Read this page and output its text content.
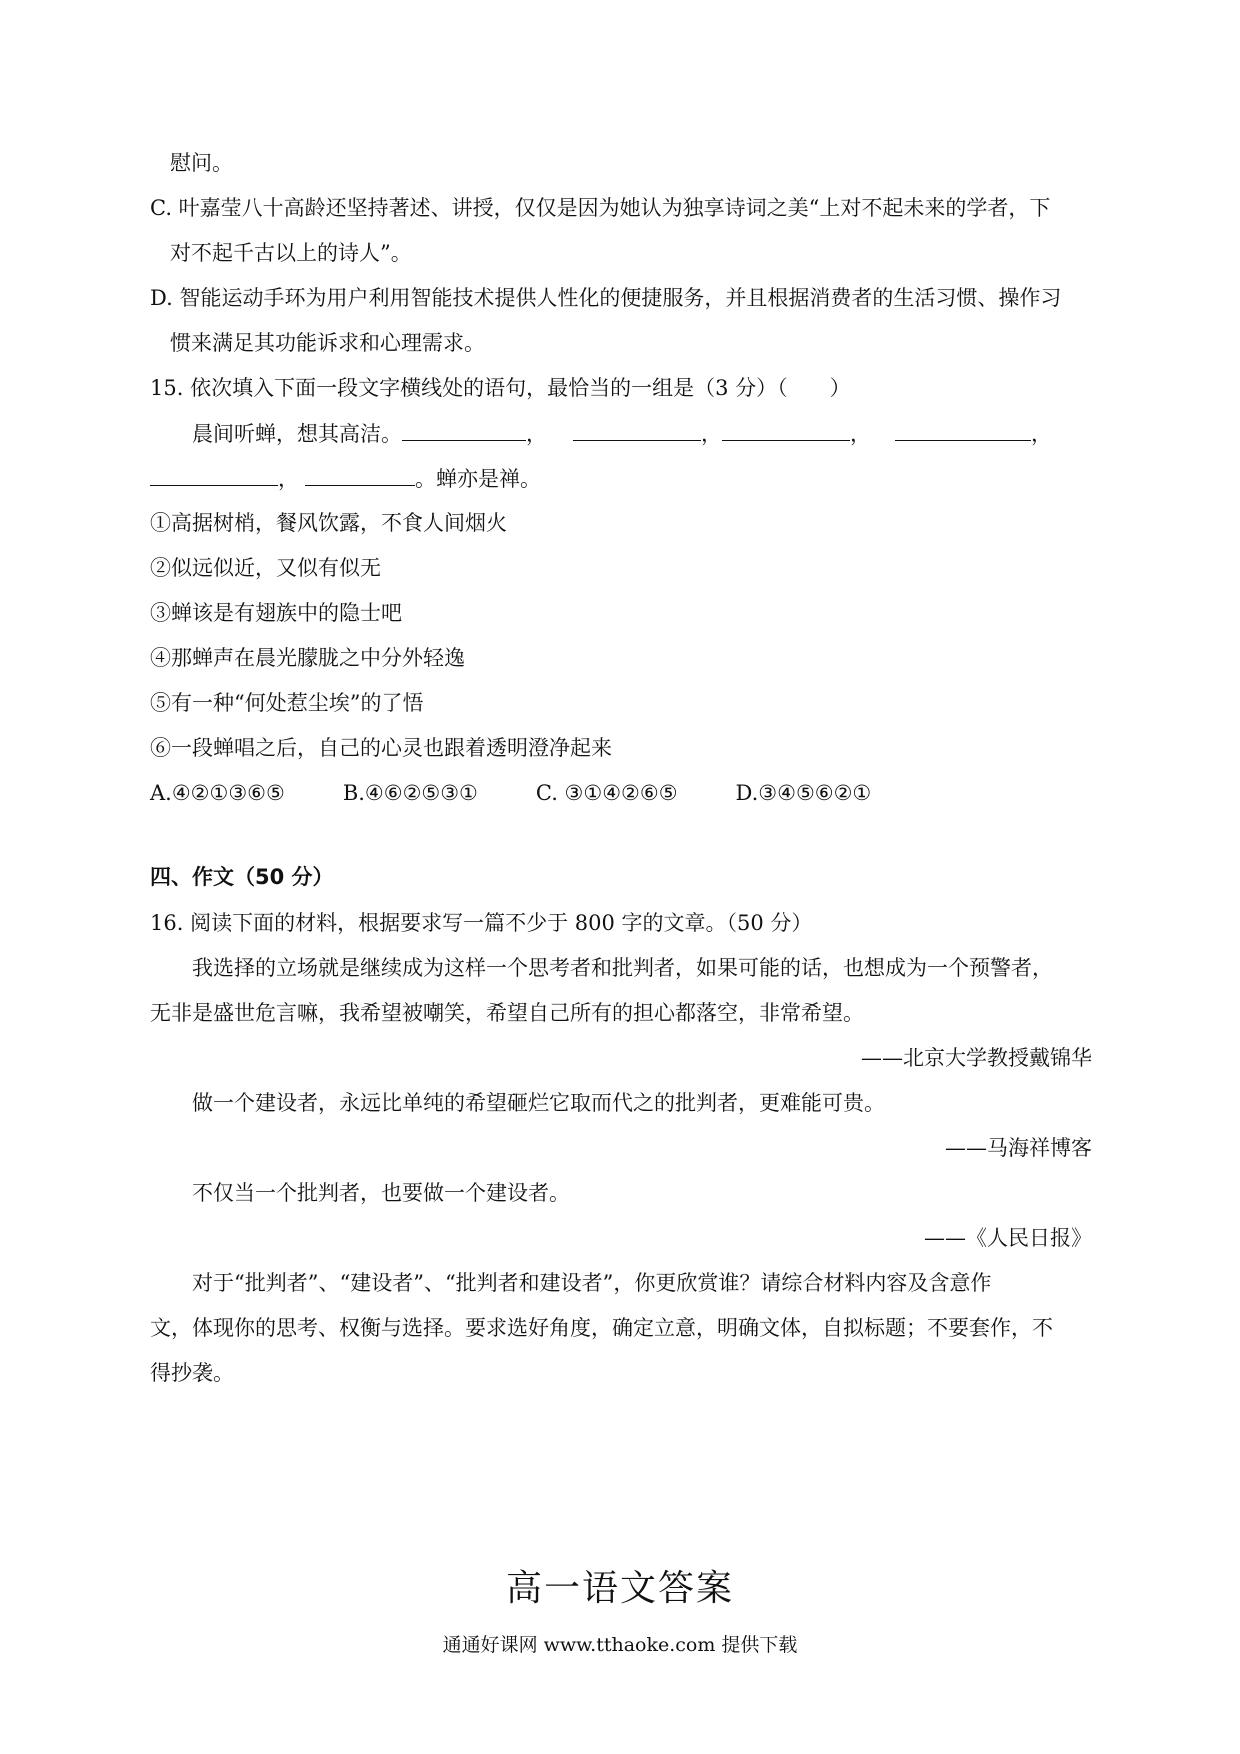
慰问。
C. 叶嘉莹八十高龄还坚持著述、讲授，仅仅是因为她认为独享诗词之美“上对不起未来的学者，下
对不起千古以上的诗人”。
D. 智能运动手环为用户利用智能技术提供人性化的便捷服务，并且根据消费者的生活习惯、操作习
惯来满足其功能诉求和心理需求。
15. 依次填入下面一段文字横线处的语句，最恰当的一组是（3 分）（　　）
晨间听蝉，想其高洁。	，	，	，	，
，	。蝉亦是禅。
①高据树梢，餐风饮露，不食人间烟火
②似远似近，又似有似无
③蝉该是有翅族中的隐士吧
④那蝉声在晨光朦胧之中分外轻逸
⑤有一种“何处惹尘埃”的了悟
⑥一段蝉唱之后，自己的心灵也跟着透明澄净起来
A.④②①③⑥⑤	B.④⑥②⑤③①	C. ③①④②⑥⑤	D.③④⑤⑥②①
四、作文（50 分）
16. 阅读下面的材料，根据要求写一篇不少于 800 字的文章。（50 分）
我选择的立场就是继续成为这样一个思考者和批判者，如果可能的话，也想成为一个预警者，
无非是盛世危言嘛，我希望被嘲笑，希望自己所有的担心都落空，非常希望。
——北京大学教授戴锦华
做一个建设者，永远比单纯的希望砸烂它取而代之的批判者，更难能可贵。
——马海祥博客
不仅当一个批判者，也要做一个建设者。
——《人民日报》
对于“批判者”、“建设者”、“批判者和建设者”，你更欣赏谁？请综合材料内容及含意作
文，体现你的思考、权衡与选择。要求选好角度，确定立意，明确文体，自拟标题；不要套作，不
得抄袭。
高一语文答案
通通好课网 www.tthaoke.com 提供下载
